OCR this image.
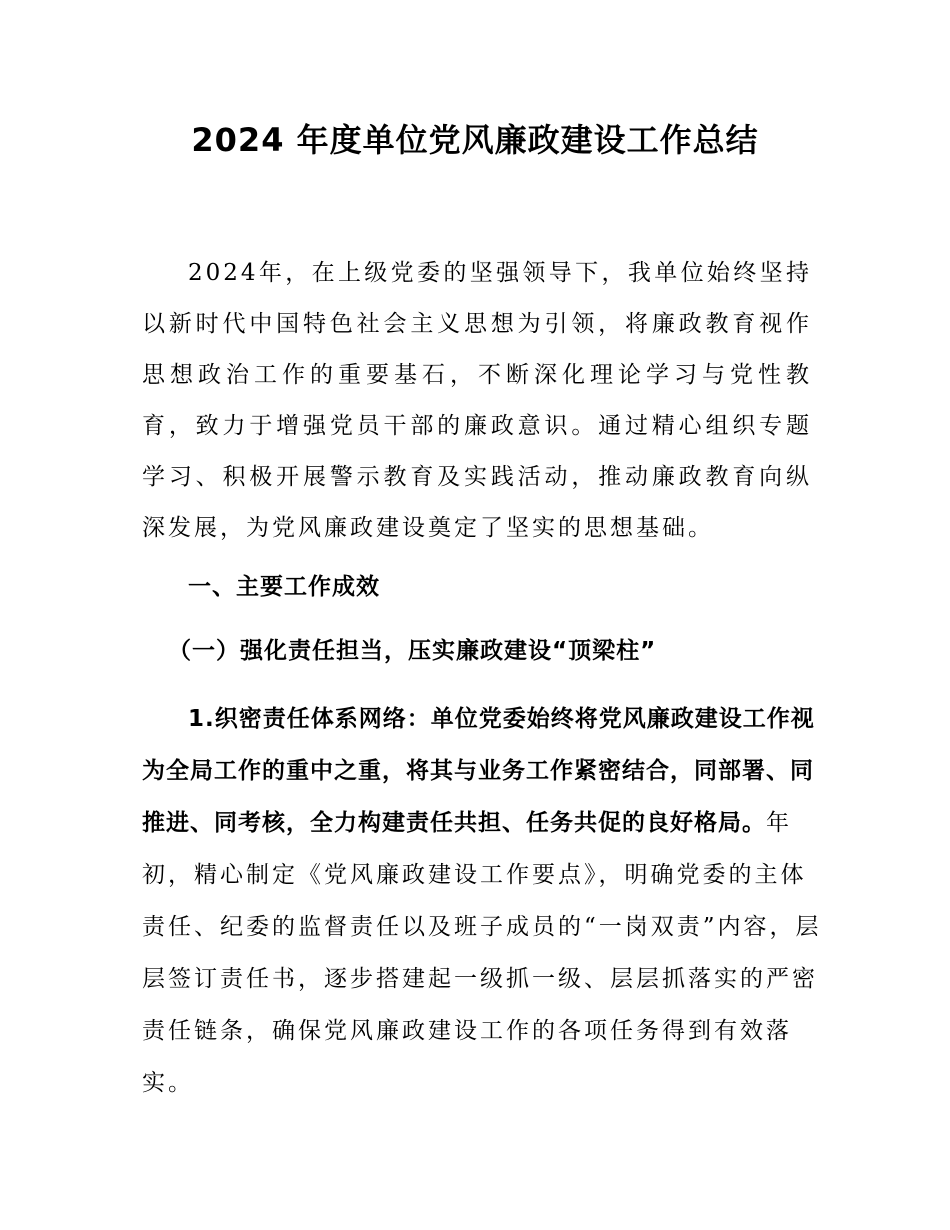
2024 年度单位党风廉政建设工作总结

2024年，在上级党委的坚强领导下，我单位始终坚持以新时代中国特色社会主义思想为引领，将廉政教育视作思想政治工作的重要基石，不断深化理论学习与党性教育，致力于增强党员干部的廉政意识。通过精心组织专题学习、积极开展警示教育及实践活动，推动廉政教育向纵深发展，为党风廉政建设奠定了坚实的思想基础。

一、主要工作成效
（一）强化责任担当，压实廉政建设“顶梁柱”

1.织密责任体系网络：单位党委始终将党风廉政建设工作视为全局工作的重中之重，将其与业务工作紧密结合，同部署、同推进、同考核，全力构建责任共担、任务共促的良好格局。年初，精心制定《党风廉政建设工作要点》，明确党委的主体责任、纪委的监督责任以及班子成员的“一岗双责”内容，层层签订责任书，逐步搭建起一级抓一级、层层抓落实的严密责任链条，确保党风廉政建设工作的各项任务得到有效落实。
